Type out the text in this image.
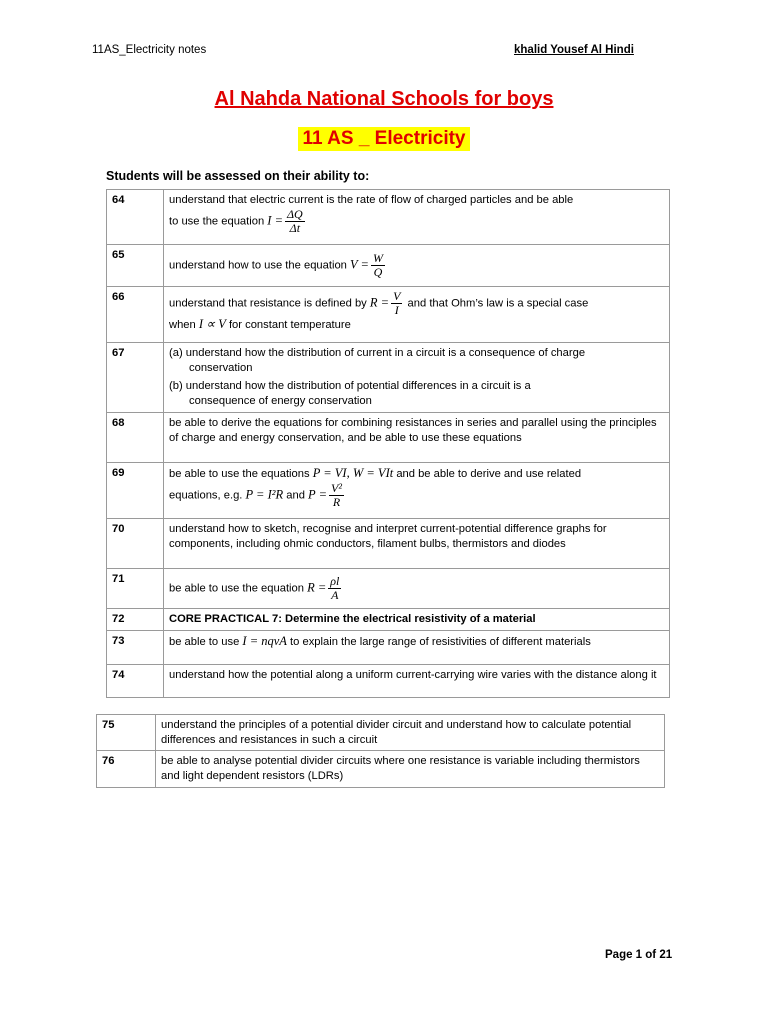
11AS_Electricity notes	khalid Yousef Al Hindi
Al Nahda National Schools for boys
11 AS _ Electricity
Students will be assessed on their ability to:
64	understand that electric current is the rate of flow of charged particles and be able
to use the equation $I = \frac{\Delta Q}{\Delta t}$

65	understand how to use the equation $V = \frac{W}{Q}$

66	understand that resistance is defined by $R = \frac{V}{I}$ and that Ohm’s law is a special case
when I ∝ V for constant temperature
67	(a) understand how the distribution of current in a circuit is a consequence of charge
conservation
(b) understand how the distribution of potential differences in a circuit is a
consequence of energy conservation

68	be able to derive the equations for combining resistances in series and parallel using the principles of charge and energy conservation, and be able to use these equations
69	be able to use the equations P = VI, W = VIt and be able to derive and use related
equations, e.g. P = I²R and $P = \frac{\text{V²}}{R}$

70	understand how to sketch, recognise and interpret current-potential difference graphs for components, including ohmic conductors, filament bulbs, thermistors and diodes
71	be able to use the equation $R = \frac{\rho l}{A}$

72	CORE PRACTICAL 7: Determine the electrical resistivity of a material
73	be able to use I = nqvA to explain the large range of resistivities of different materials
74	understand how the potential along a uniform current-carrying wire varies with the distance along it
75	understand the principles of a potential divider circuit and understand how to calculate potential differences and resistances in such a circuit
76	be able to analyse potential divider circuits where one resistance is variable including thermistors and light dependent resistors (LDRs)
Page 1 of 21
